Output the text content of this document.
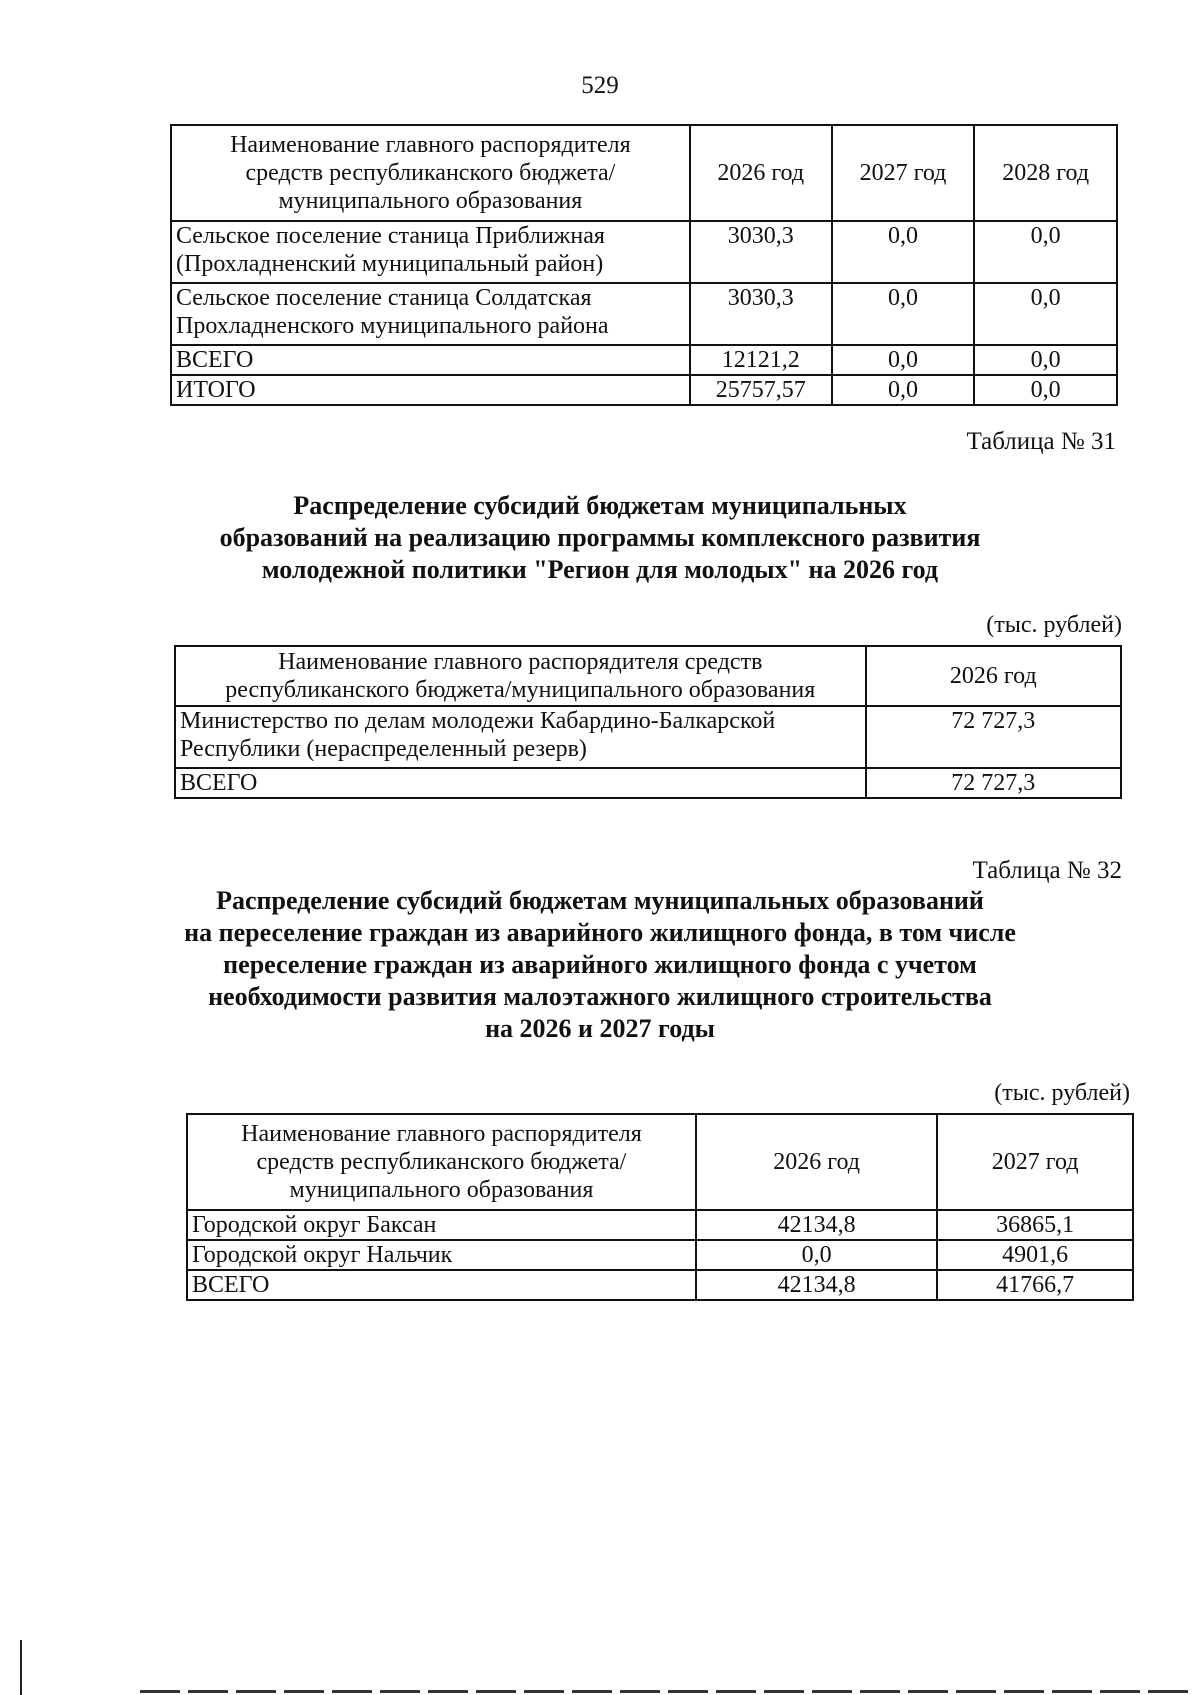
529
Наименование главного распорядителя
средств республиканского бюджета/
муниципального образования	2026 год	2027 год	2028 год

Сельское поселение станица Приближная
(Прохладненский муниципальный район)	3030,3	0,0	0,0

Сельское поселение станица Солдатская
Прохладненского муниципального района	3030,3	0,0	0,0
ВСЕГО	12121,2	0,0	0,0
ИТОГО	25757,57	0,0	0,0
Таблица № 31
Распределение субсидий бюджетам муниципальных
образований на реализацию программы комплексного развития
молодежной политики "Регион для молодых" на 2026 год
(тыс. рублей)
Наименование главного распорядителя средств
республиканского бюджета/муниципального образования	2026 год

Министерство по делам молодежи Кабардино-Балкарской
Республики (нераспределенный резерв)	72 727,3
ВСЕГО	72 727,3
Таблица № 32
Распределение субсидий бюджетам муниципальных образований
на переселение граждан из аварийного жилищного фонда, в том числе
переселение граждан из аварийного жилищного фонда с учетом
необходимости развития малоэтажного жилищного строительства
на 2026 и 2027 годы
(тыс. рублей)
Наименование главного распорядителя
средств республиканского бюджета/
муниципального образования	2026 год	2027 год
Городской округ Баксан	42134,8	36865,1
Городской округ Нальчик	0,0	4901,6
ВСЕГО	42134,8	41766,7
